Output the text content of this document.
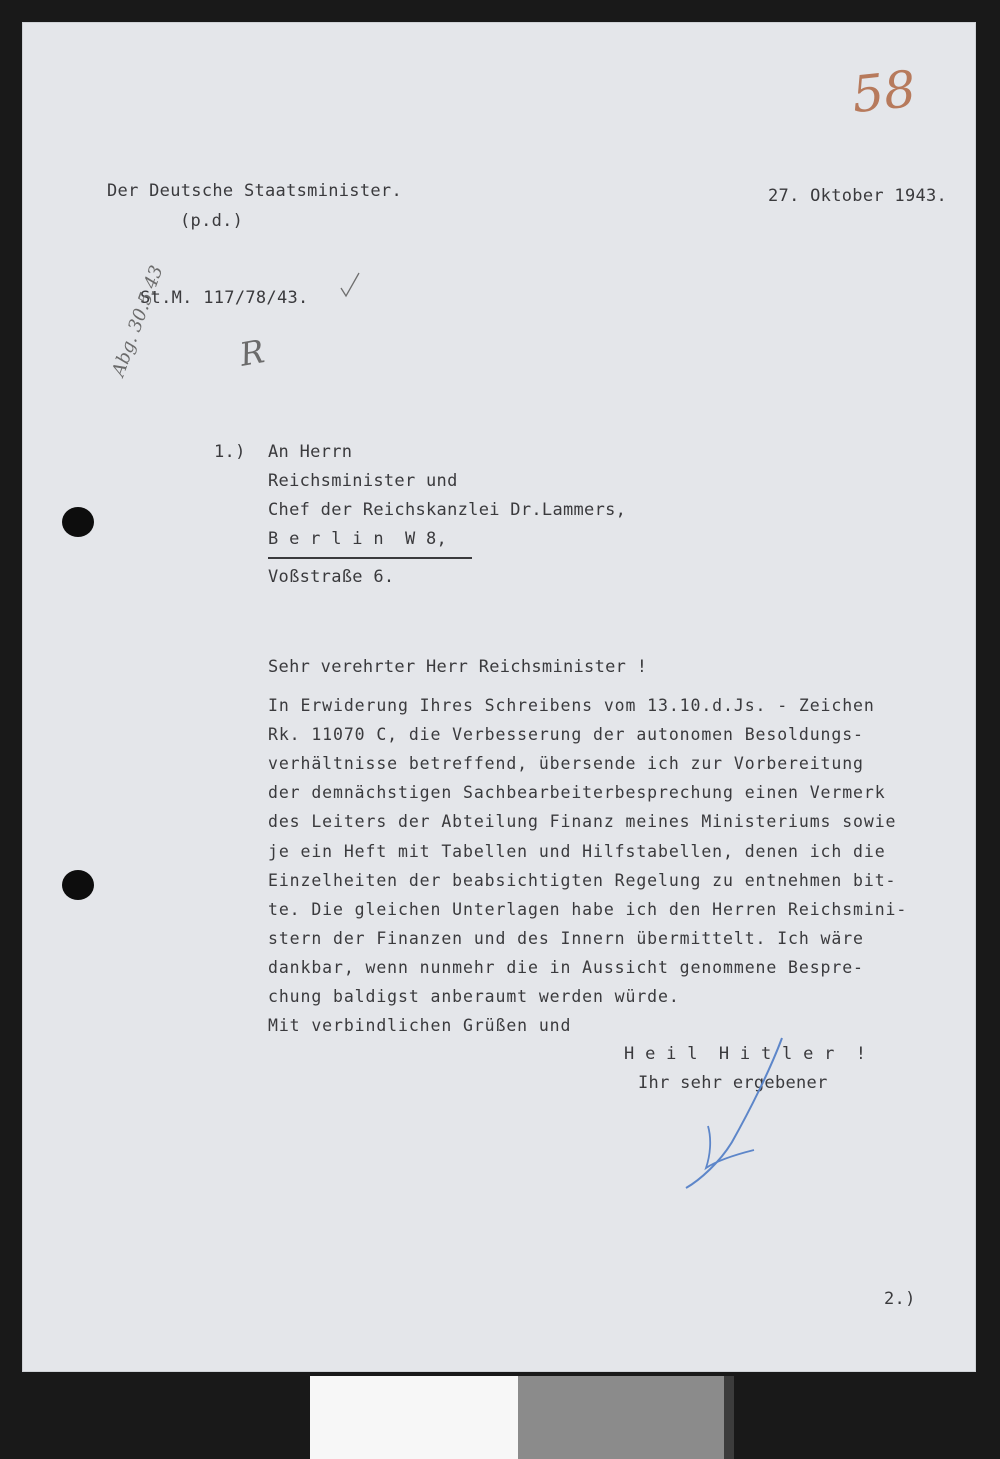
58
Der Deutsche Staatsminister.
(p.d.)
27. Oktober 1943.
St.M. 117/78/43.
Abg. 30.5.43 R
1.) An Herrn
Reichsminister und
Chef der Reichskanzlei Dr.Lammers,
B e r l i n  W 8,
Voßstraße 6.
Sehr verehrter Herr Reichsminister !
In Erwiderung Ihres Schreibens vom 13.10.d.Js. - Zeichen
Rk. 11070 C, die Verbesserung der autonomen Besoldungs-
verhältnisse betreffend, übersende ich zur Vorbereitung
der demnächstigen Sachbearbeiterbesprechung einen Vermerk
des Leiters der Abteilung Finanz meines Ministeriums sowie
je ein Heft mit Tabellen und Hilfstabellen, denen ich die
Einzelheiten der beabsichtigten Regelung zu entnehmen bit-
te. Die gleichen Unterlagen habe ich den Herren Reichsmini-
stern der Finanzen und des Innern übermittelt. Ich wäre
dankbar, wenn nunmehr die in Aussicht genommene Bespre-
chung baldigst anberaumt werden würde.
Mit verbindlichen Grüßen und
H e i l  H i t l e r  !
Ihr sehr ergebener
2.)
